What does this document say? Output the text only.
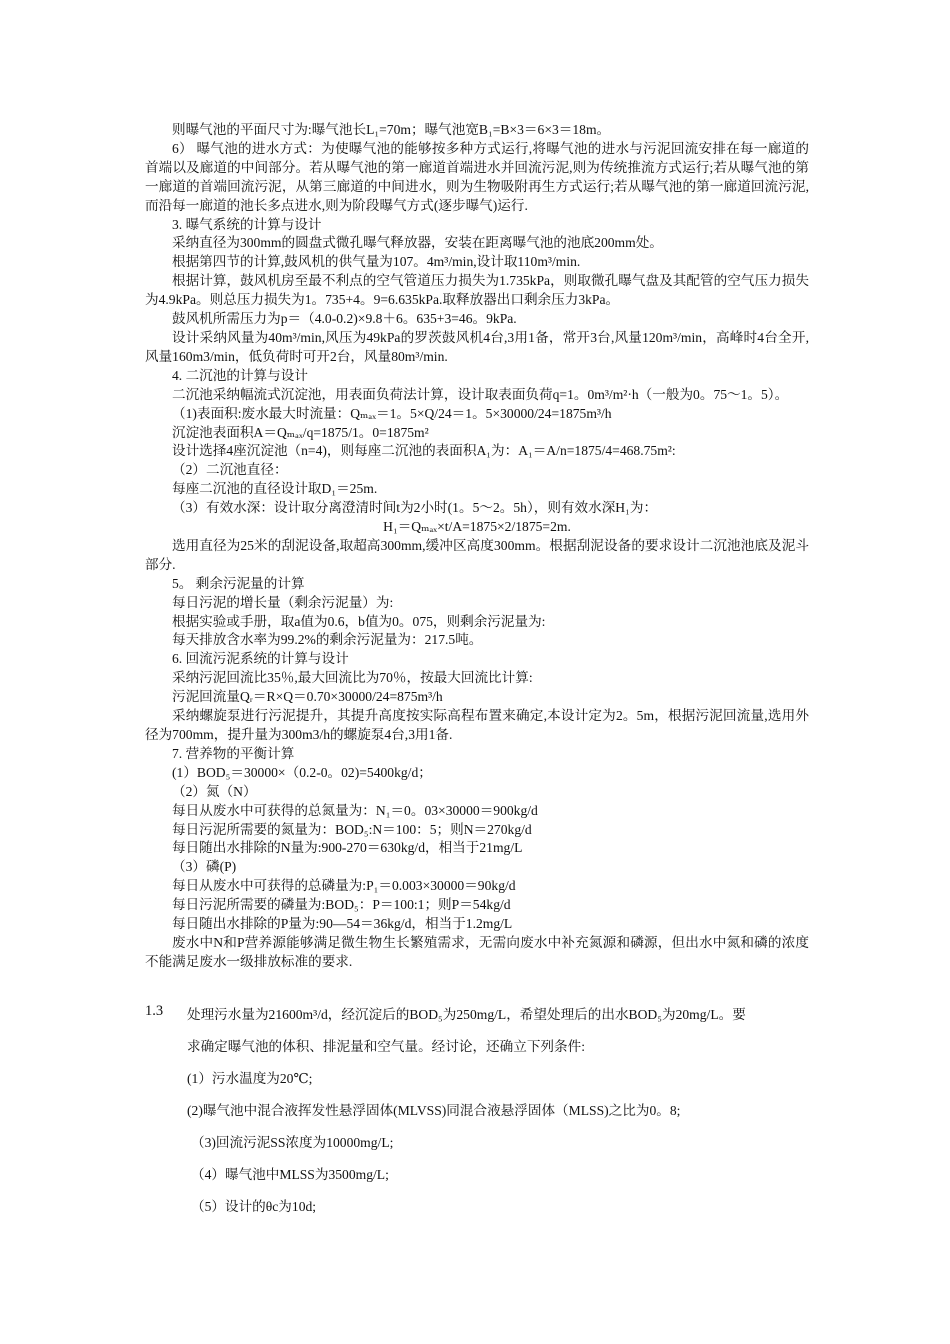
则曝气池的平面尺寸为:曝气池长L₁=70m；曝气池宽B₁=B×3＝6×3＝18m。

6） 曝气池的进水方式：为使曝气池的能够按多种方式运行,将曝气池的进水与污泥回流安排在每一廊道的首端以及廊道的中间部分。若从曝气池的第一廊道首端进水并回流污泥,则为传统推流方式运行;若从曝气池的第一廊道的首端回流污泥，从第三廊道的中间进水，则为生物吸附再生方式运行;若从曝气池的第一廊道回流污泥,而沿每一廊道的池长多点进水,则为阶段曝气方式(逐步曝气)运行.

3. 曝气系统的计算与设计

采纳直径为300mm的圆盘式微孔曝气释放器，安装在距离曝气池的池底200mm处。

根据第四节的计算,鼓风机的供气量为107。4m³/min,设计取110m³/min.

根据计算，鼓风机房至最不利点的空气管道压力损失为1.735kPa，则取微孔曝气盘及其配管的空气压力损失为4.9kPa。则总压力损失为1。735+4。9=6.635kPa.取释放器出口剩余压力3kPa。

鼓风机所需压力为p＝（4.0-0.2)×9.8＋6。635+3=46。9kPa.

设计采纳风量为40m³/min,风压为49kPa的罗茨鼓风机4台,3用1备，常开3台,风量120m³/min，高峰时4台全开,风量160m3/min，低负荷时可开2台，风量80m³/min.

4. 二沉池的计算与设计

二沉池采纳幅流式沉淀池，用表面负荷法计算，设计取表面负荷q=1。0m³/m²·h（一般为0。75～1。5）。

（1)表面积:废水最大时流量：Qₘₐₓ＝1。5×Q/24＝1。5×30000/24=1875m³/h

沉淀池表面积A＝Qₘₐₓ/q=1875/1。0=1875m²

设计选择4座沉淀池（n=4)，则每座二沉池的表面积A₁为：A₁＝A/n=1875/4=468.75m²:

（2）二沉池直径：

每座二沉池的直径设计取D₁＝25m.

（3）有效水深：设计取分离澄清时间t为2小时(1。5～2。5h），则有效水深H₁为：

H₁＝Qₘₐₓ×t/A=1875×2/1875=2m.

选用直径为25米的刮泥设备,取超高300mm,缓冲区高度300mm。根据刮泥设备的要求设计二沉池池底及泥斗部分.

5。 剩余污泥量的计算

每日污泥的增长量（剩余污泥量）为:

根据实验或手册，取a值为0.6，b值为0。075，则剩余污泥量为:

每天排放含水率为99.2%的剩余污泥量为：217.5吨。

6. 回流污泥系统的计算与设计

采纳污泥回流比35％,最大回流比为70％，按最大回流比计算:

污泥回流量Qᵣ＝R×Q＝0.70×30000/24=875m³/h

采纳螺旋泵进行污泥提升，其提升高度按实际高程布置来确定,本设计定为2。5m，根据污泥回流量,选用外径为700mm，提升量为300m3/h的螺旋泵4台,3用1备.

7. 营养物的平衡计算

(1）BOD₅＝30000×（0.2-0。02)=5400kg/d；

（2）氮（N）

每日从废水中可获得的总氮量为：N₁＝0。03×30000＝900kg/d

每日污泥所需要的氮量为：BOD₅:N＝100：5；则N＝270kg/d

每日随出水排除的N量为:900-270＝630kg/d，相当于21mg/L

（3）磷(P)

每日从废水中可获得的总磷量为:P₁＝0.003×30000＝90kg/d

每日污泥所需要的磷量为:BOD₅：P＝100:1；则P＝54kg/d

每日随出水排除的P量为:90—54＝36kg/d，相当于1.2mg/L

废水中N和P营养源能够满足微生物生长繁殖需求，无需向废水中补充氮源和磷源，但出水中氮和磷的浓度不能满足废水一级排放标准的要求.

1.3 处理污水量为21600m³/d，经沉淀后的BOD₅为250mg/L，希望处理后的出水BOD₅为20mg/L。要
求确定曝气池的体积、排泥量和空气量。经讨论，还确立下列条件:
(1）污水温度为20℃;
(2)曝气池中混合液挥发性悬浮固体(MLVSS)同混合液悬浮固体（MLSS)之比为0。8;
（3)回流污泥SS浓度为10000mg/L;
（4）曝气池中MLSS为3500mg/L;
（5）设计的θc为10d;
